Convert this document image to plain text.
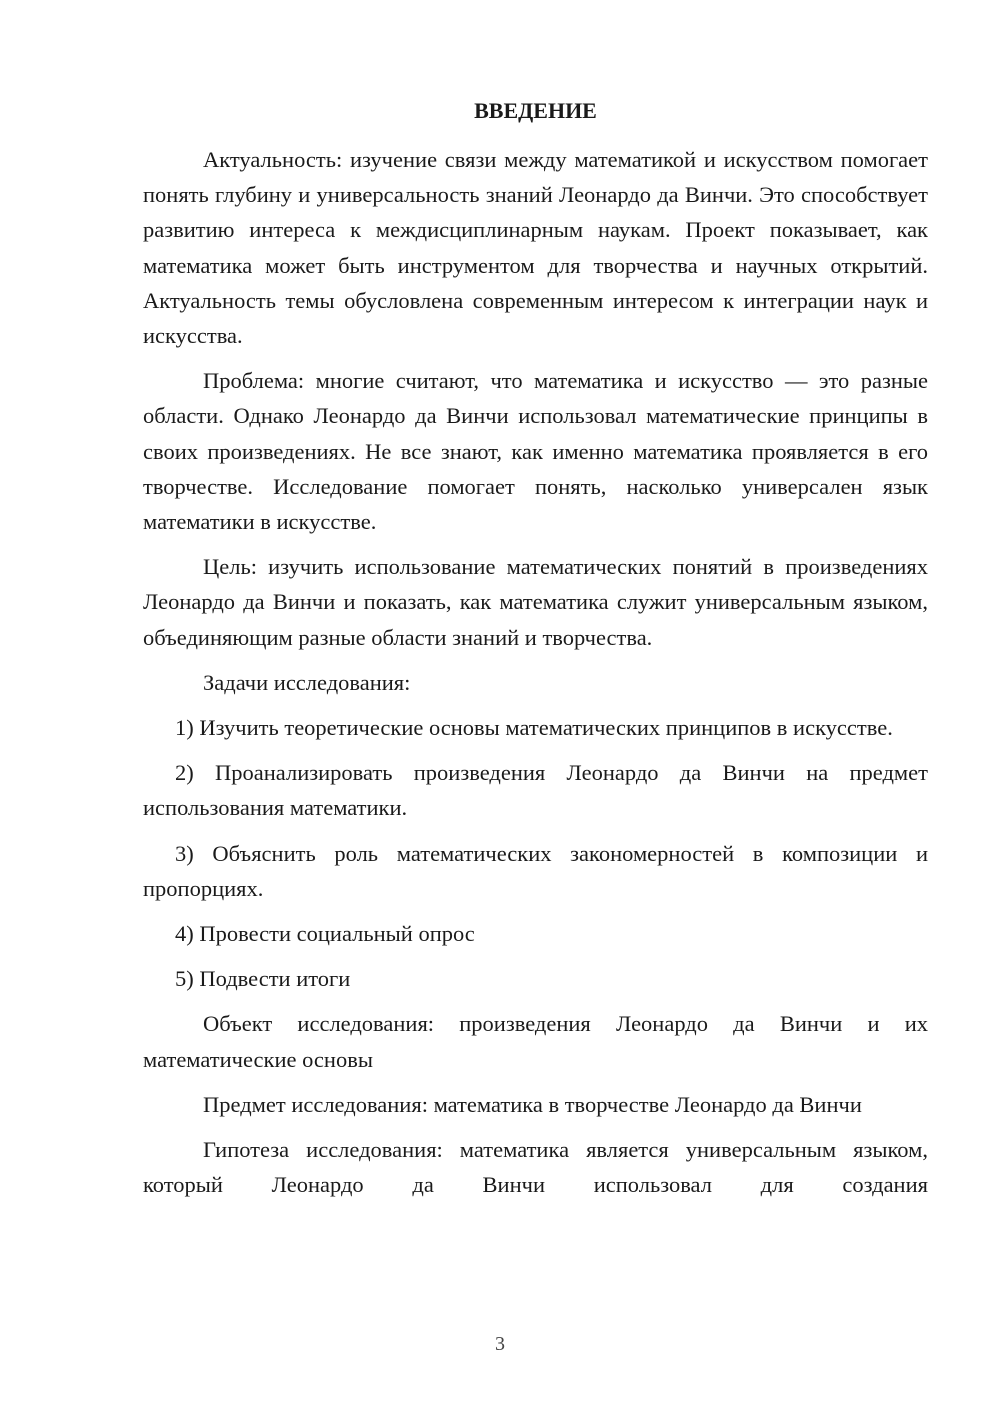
ВВЕДЕНИЕ

Актуальность: изучение связи между математикой и искусством помогает понять глубину и универсальность знаний Леонардо да Винчи. Это способствует развитию интереса к междисциплинарным наукам. Проект показывает, как математика может быть инструментом для творчества и научных открытий. Актуальность темы обусловлена современным интересом к интеграции наук и искусства.

Проблема: многие считают, что математика и искусство — это разные области. Однако Леонардо да Винчи использовал математические принципы в своих произведениях. Не все знают, как именно математика проявляется в его творчестве. Исследование помогает понять, насколько универсален язык математики в искусстве.

Цель: изучить использование математических понятий в произведениях Леонардо да Винчи и показать, как математика служит универсальным языком, объединяющим разные области знаний и творчества.

Задачи исследования:

1) Изучить теоретические основы математических принципов в искусстве.

2) Проанализировать произведения Леонардо да Винчи на предмет использования математики.

3) Объяснить роль математических закономерностей в композиции и пропорциях.

4) Провести социальный опрос

5) Подвести итоги

Объект исследования: произведения Леонардо да Винчи и их математические основы

Предмет исследования: математика в творчестве Леонардо да Винчи

Гипотеза исследования: математика является универсальным языком, который Леонардо да Винчи использовал для создания

3
